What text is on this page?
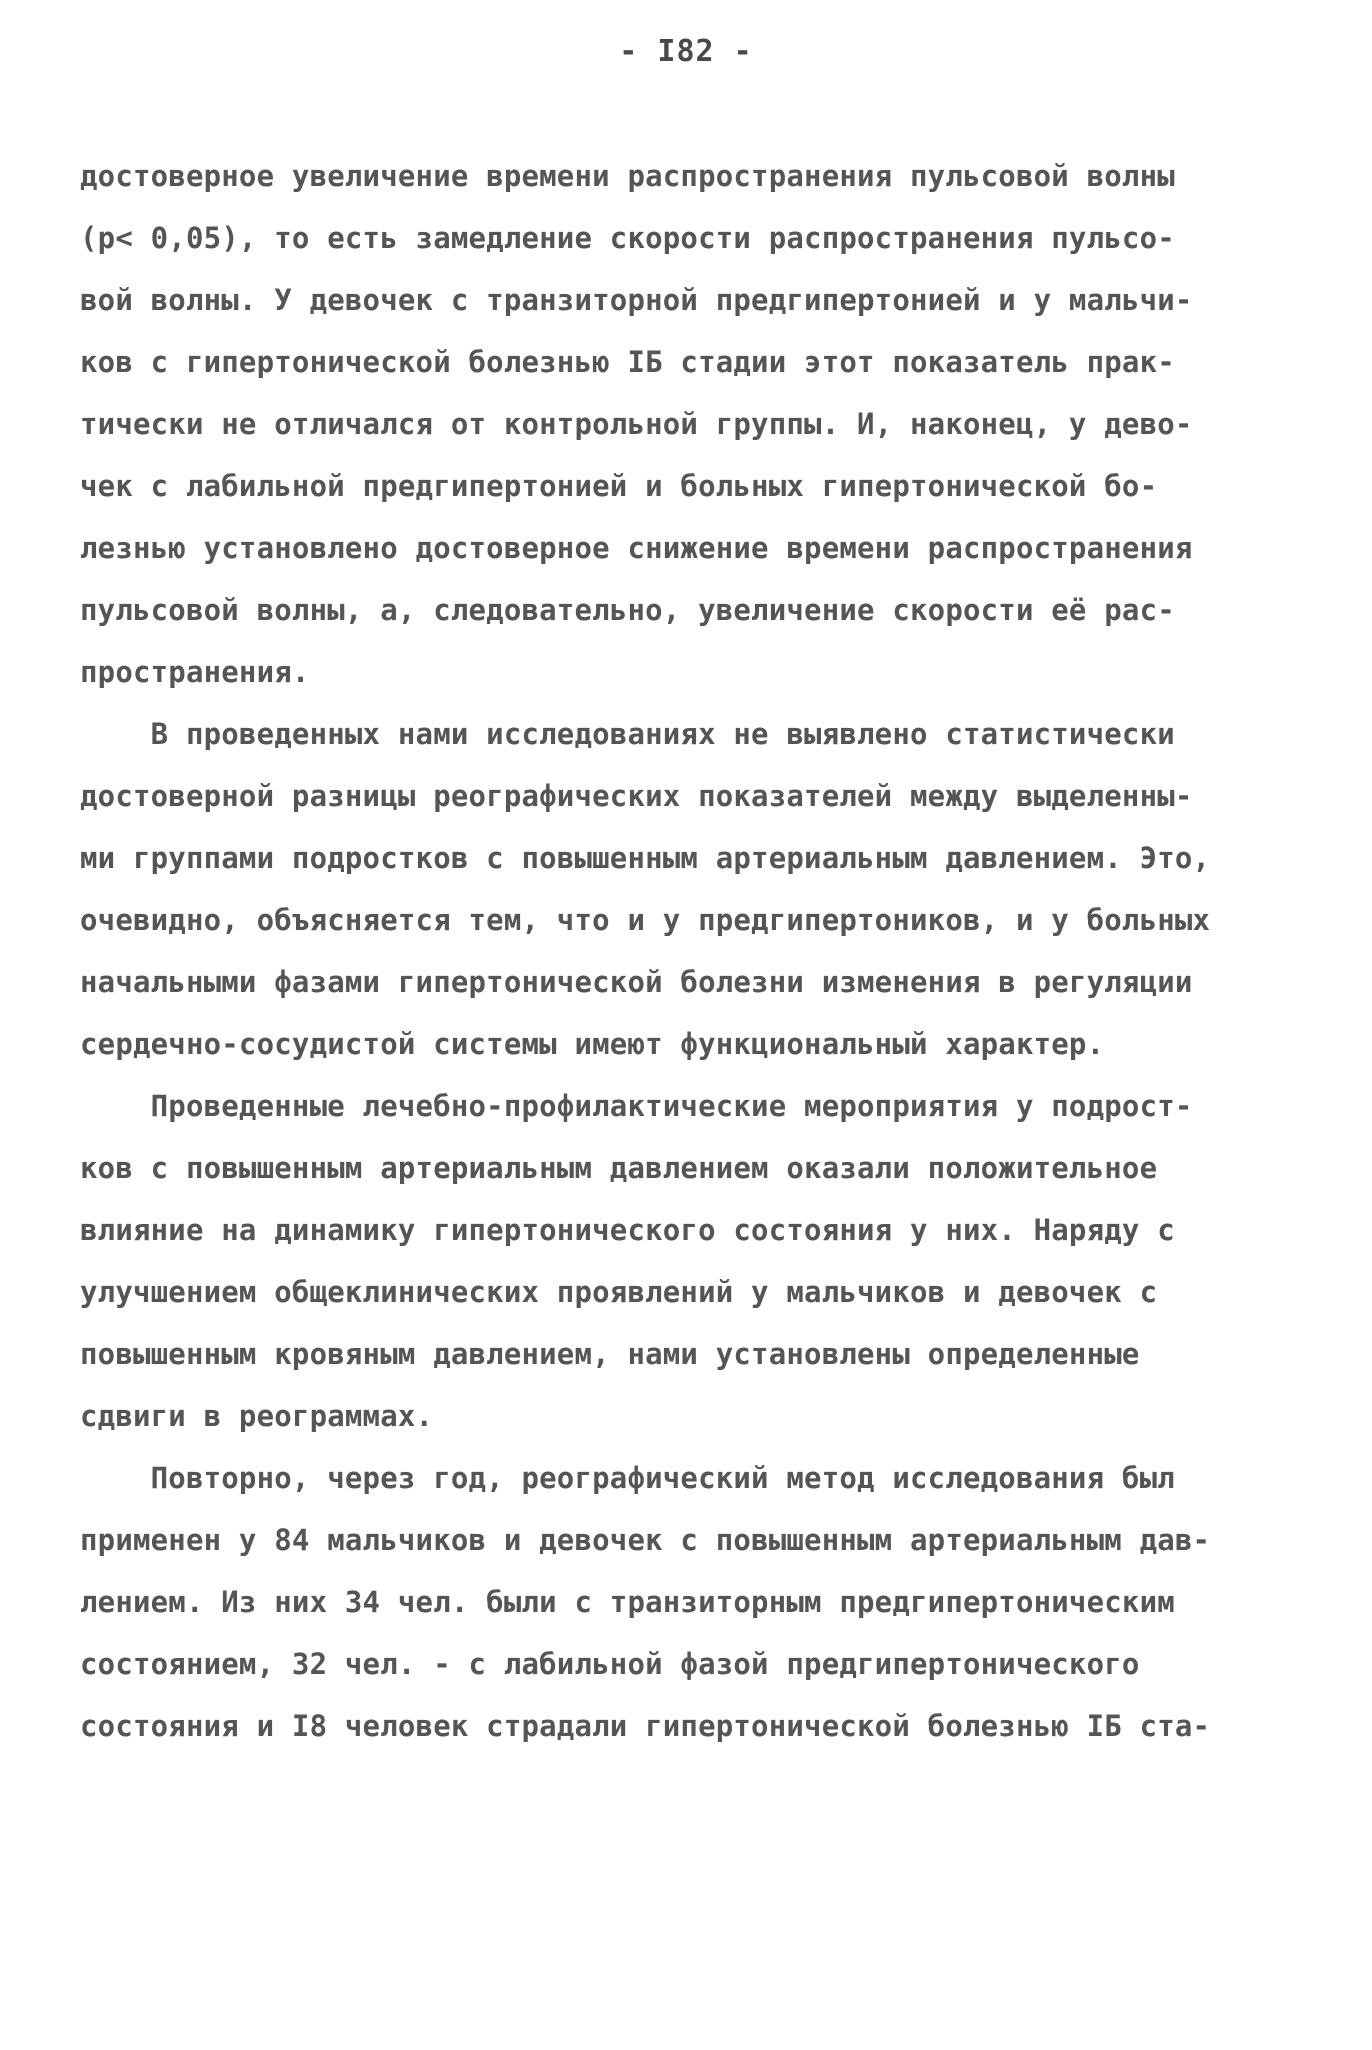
- I82 -
достоверное увеличение времени распространения пульсовой волны
(р< 0,05), то есть замедление скорости распространения пульсо-
вой волны. У девочек с транзиторной предгипертонией и у мальчи-
ков с гипертонической болезнью IБ стадии этот показатель прак-
тически не отличался от контрольной группы. И, наконец, у дево-
чек с лабильной предгипертонией и больных гипертонической бо-
лезнью установлено достоверное снижение времени распространения
пульсовой волны, а, следовательно, увеличение скорости её рас-
пространения.
В проведенных нами исследованиях не выявлено статистически
достоверной разницы реографических показателей между выделенны-
ми группами подростков с повышенным артериальным давлением. Это,
очевидно, объясняется тем, что и у предгипертоников, и у больных
начальными фазами гипертонической болезни изменения в регуляции
сердечно-сосудистой системы имеют функциональный характер.
Проведенные лечебно-профилактические мероприятия у подрост-
ков с повышенным артериальным давлением оказали положительное
влияние на динамику гипертонического состояния у них. Наряду с
улучшением общеклинических проявлений у мальчиков и девочек с
повышенным кровяным давлением, нами установлены определенные
сдвиги в реограммах.
Повторно, через год, реографический метод исследования был
применен у 84 мальчиков и девочек с повышенным артериальным дав-
лением. Из них 34 чел. были с транзиторным предгипертоническим
состоянием, 32 чел. - с лабильной фазой предгипертонического
состояния и I8 человек страдали гипертонической болезнью IБ ста-
